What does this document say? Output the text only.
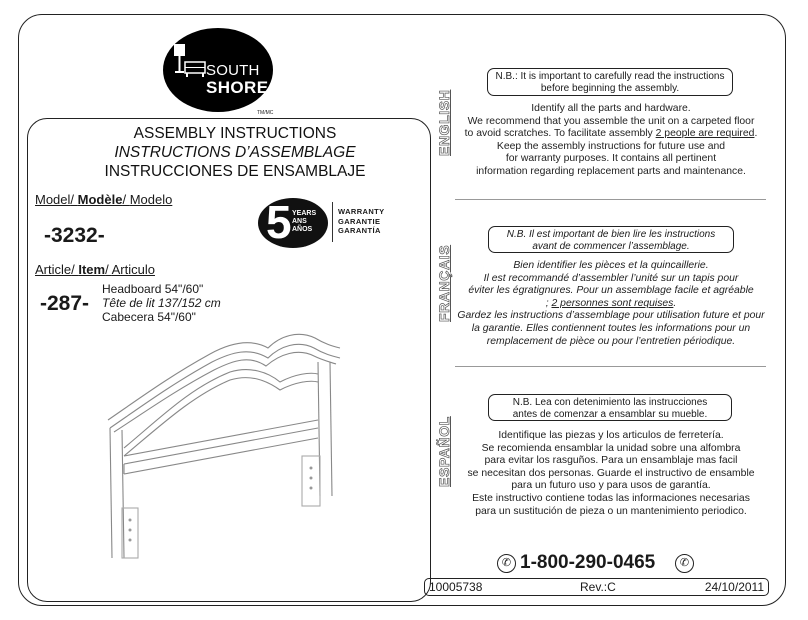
SOUTH
SHORE
TM/MC
ASSEMBLY INSTRUCTIONS
INSTRUCTIONS D’ASSEMBLAGE
INSTRUCCIONES DE ENSAMBLAJE
Model/ Modèle/ Modelo
-3232-	5 YEARS
ANS
AÑOS
WARRANTY
GARANTIE
GARANTÍA
Article/ Item/ Articulo
-287-
Headboard 54"/60"
Tête de lit 137/152 cm
Cabecera 54"/60"
ENGLISH
FRANÇAIS
ESPAÑOL
N.B.: It is important to carefully read the instructions
before beginning the assembly.
Identify all the parts and hardware.
We recommend that you assemble the unit on a carpeted floor
to avoid scratches. To facilitate assembly 2 people are required.
Keep the assembly instructions for future use and
for warranty purposes. It contains all pertinent
information regarding replacement parts and maintenance.
N.B. Il est important de bien lire les instructions
avant de commencer l’assemblage.
Bien identifier les pièces et la quincaillerie.
Il est recommandé d’assembler l’unité sur un tapis pour
éviter les égratignures. Pour un assemblage facile et agréable
; 2 personnes sont requises.
Gardez les instructions d’assemblage pour utilisation future et pour
la garantie. Elles contiennent toutes les informations pour un
remplacement de pièce ou pour l’entretien périodique.
N.B. Lea con detenimiento las instrucciones
antes de comenzar a ensamblar su mueble.
Identifique las piezas y los articulos de ferretería.
Se recomienda ensamblar la unidad sobre una alfombra
para evitar los rasguños. Para un ensamblaje mas facil
se necesitan dos personas. Guarde el instructivo de ensamble
para un futuro uso y para usos de garantía.
Este instructivo contiene todas las informaciones necesarias
para un sustitución de pieza o un mantenimiento periodico.
✆ 1-800-290-0465	✆
10005738	Rev.:C	24/10/2011
